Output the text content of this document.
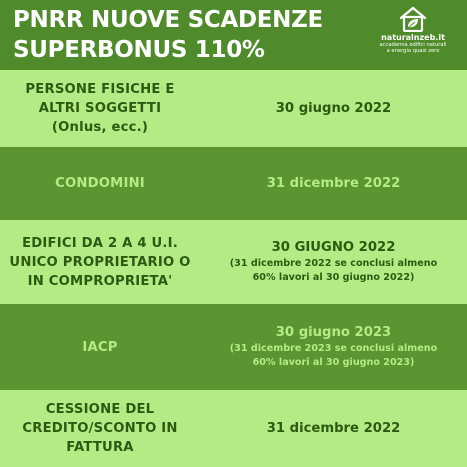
PNRR NUOVE SCADENZE
SUPERBONUS 110%	naturalnzeb.it
accademia edifici naturali
a energia quasi zero
PERSONE FISICHE E
ALTRI SOGGETTI
(Onlus, ecc.)
30 giugno 2022
CONDOMINI	31 dicembre 2022
EDIFICI DA 2 A 4 U.I.
UNICO PROPRIETARIO O
IN COMPROPRIETA'
30 GIUGNO 2022
(31 dicembre 2022 se conclusi almeno
60% lavori al 30 giugno 2022)
IACP
30 giugno 2023
(31 dicembre 2023 se conclusi almeno
60% lavori al 30 giugno 2023)
CESSIONE DEL
CREDITO/SCONTO IN
FATTURA
31 dicembre 2022
